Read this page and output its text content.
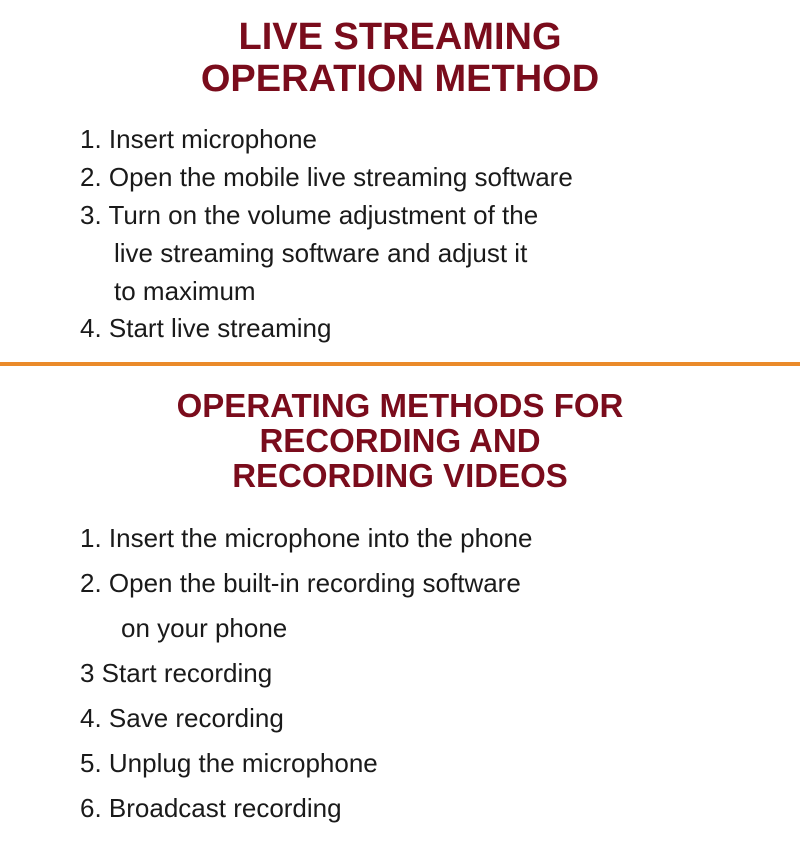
LIVE STREAMING
OPERATION METHOD
1. Insert microphone
2. Open the mobile live streaming software
3. Turn on the volume adjustment of the
live streaming software and adjust it
to maximum
4. Start live streaming
OPERATING METHODS FOR
RECORDING AND
RECORDING VIDEOS
1. Insert the microphone into the phone
2. Open the built-in recording software
on your phone
3 Start recording
4. Save recording
5. Unplug the microphone
6. Broadcast recording
